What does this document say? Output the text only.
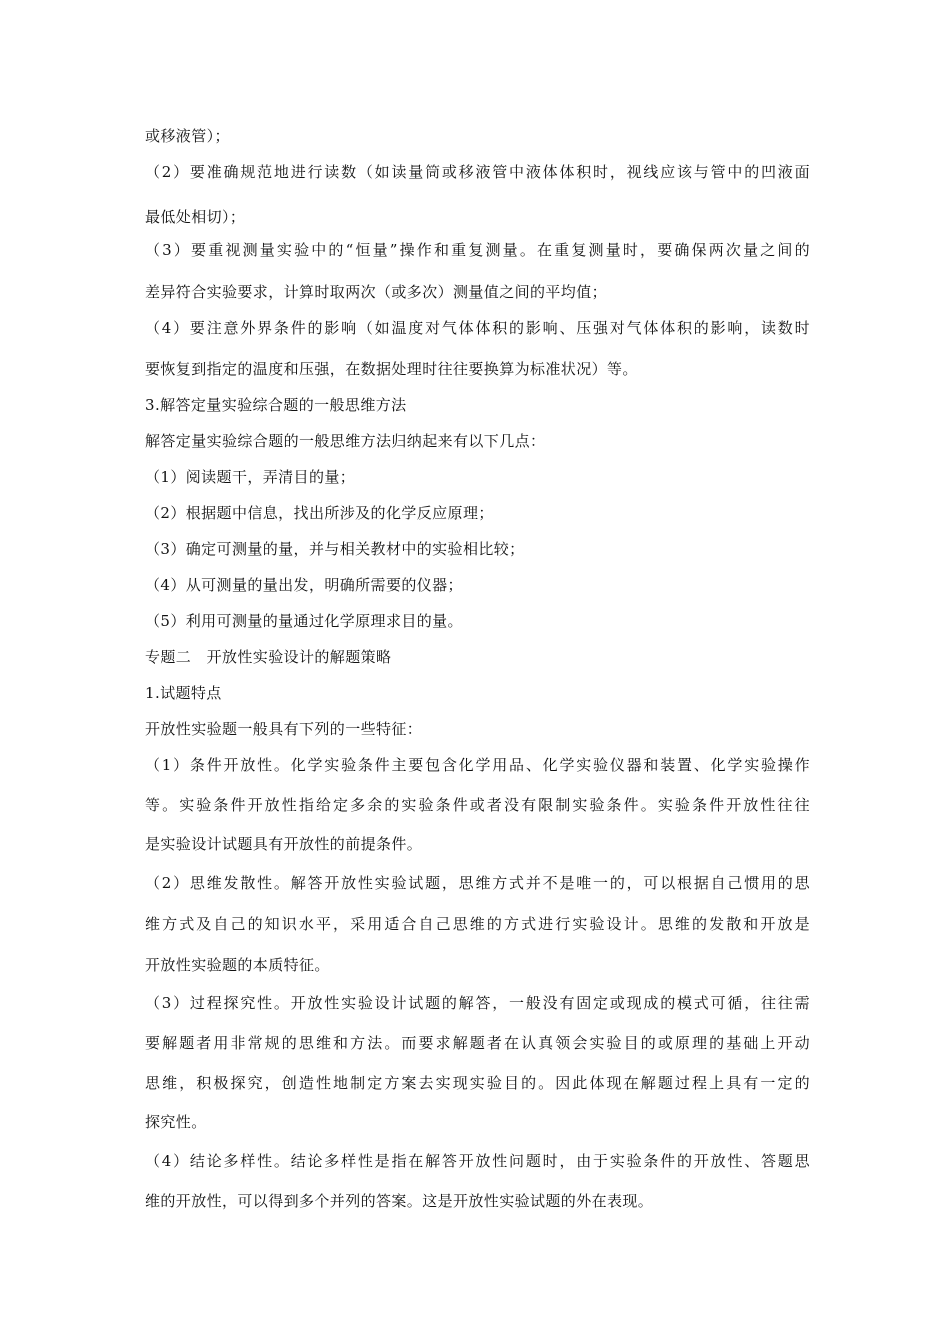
或移液管）；
（2）要准确规范地进行读数（如读量筒或移液管中液体体积时，视线应该与管中的凹液面
最低处相切）；
（3）要重视测量实验中的“恒量”操作和重复测量。在重复测量时，要确保两次量之间的
差异符合实验要求，计算时取两次（或多次）测量值之间的平均值；
（4）要注意外界条件的影响（如温度对气体体积的影响、压强对气体体积的影响，读数时
要恢复到指定的温度和压强，在数据处理时往往要换算为标准状况）等。
3.解答定量实验综合题的一般思维方法
解答定量实验综合题的一般思维方法归纳起来有以下几点：
（1）阅读题干，弄清目的量；
（2）根据题中信息，找出所涉及的化学反应原理；
（3）确定可测量的量，并与相关教材中的实验相比较；
（4）从可测量的量出发，明确所需要的仪器；
（5）利用可测量的量通过化学原理求目的量。
专题二　开放性实验设计的解题策略
1.试题特点
开放性实验题一般具有下列的一些特征：
（1）条件开放性。化学实验条件主要包含化学用品、化学实验仪器和装置、化学实验操作
等。实验条件开放性指给定多余的实验条件或者没有限制实验条件。实验条件开放性往往
是实验设计试题具有开放性的前提条件。
（2）思维发散性。解答开放性实验试题，思维方式并不是唯一的，可以根据自己惯用的思
维方式及自己的知识水平，采用适合自己思维的方式进行实验设计。思维的发散和开放是
开放性实验题的本质特征。
（3）过程探究性。开放性实验设计试题的解答，一般没有固定或现成的模式可循，往往需
要解题者用非常规的思维和方法。而要求解题者在认真领会实验目的或原理的基础上开动
思维，积极探究，创造性地制定方案去实现实验目的。因此体现在解题过程上具有一定的
探究性。
（4）结论多样性。结论多样性是指在解答开放性问题时，由于实验条件的开放性、答题思
维的开放性，可以得到多个并列的答案。这是开放性实验试题的外在表现。
